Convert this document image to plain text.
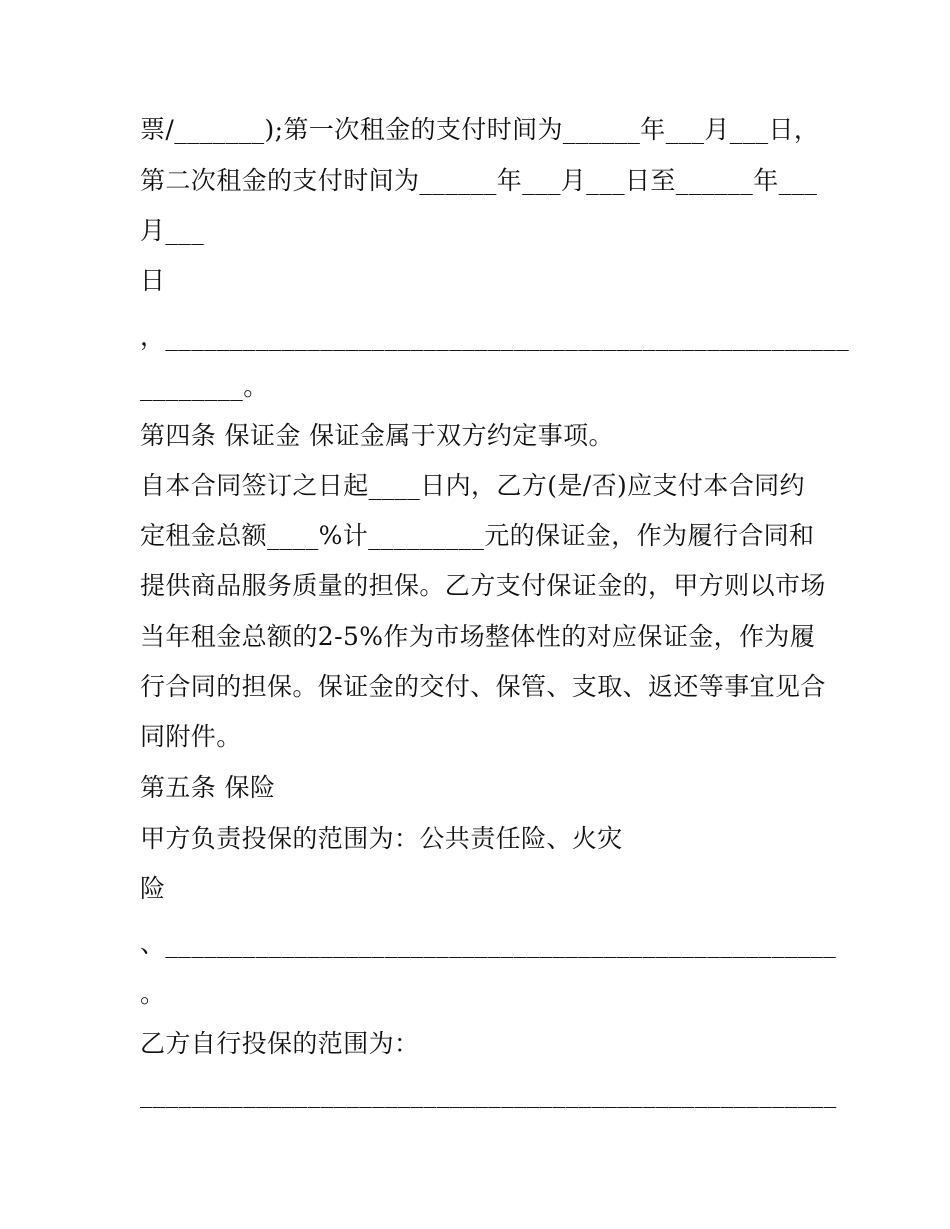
票/_______);第一次租金的支付时间为______年___月___日，
第二次租金的支付时间为______年___月___日至______年___
月___
日
，_____________________________________________________
________。
第四条 保证金 保证金属于双方约定事项。
自本合同签订之日起____日内，乙方(是/否)应支付本合同约
定租金总额____%计_________元的保证金，作为履行合同和
提供商品服务质量的担保。乙方支付保证金的，甲方则以市场
当年租金总额的2-5%作为市场整体性的对应保证金，作为履
行合同的担保。保证金的交付、保管、支取、返还等事宜见合
同附件。
第五条 保险
甲方负责投保的范围为：公共责任险、火灾
险
、____________________________________________________
。
乙方自行投保的范围为：
______________________________________________________
